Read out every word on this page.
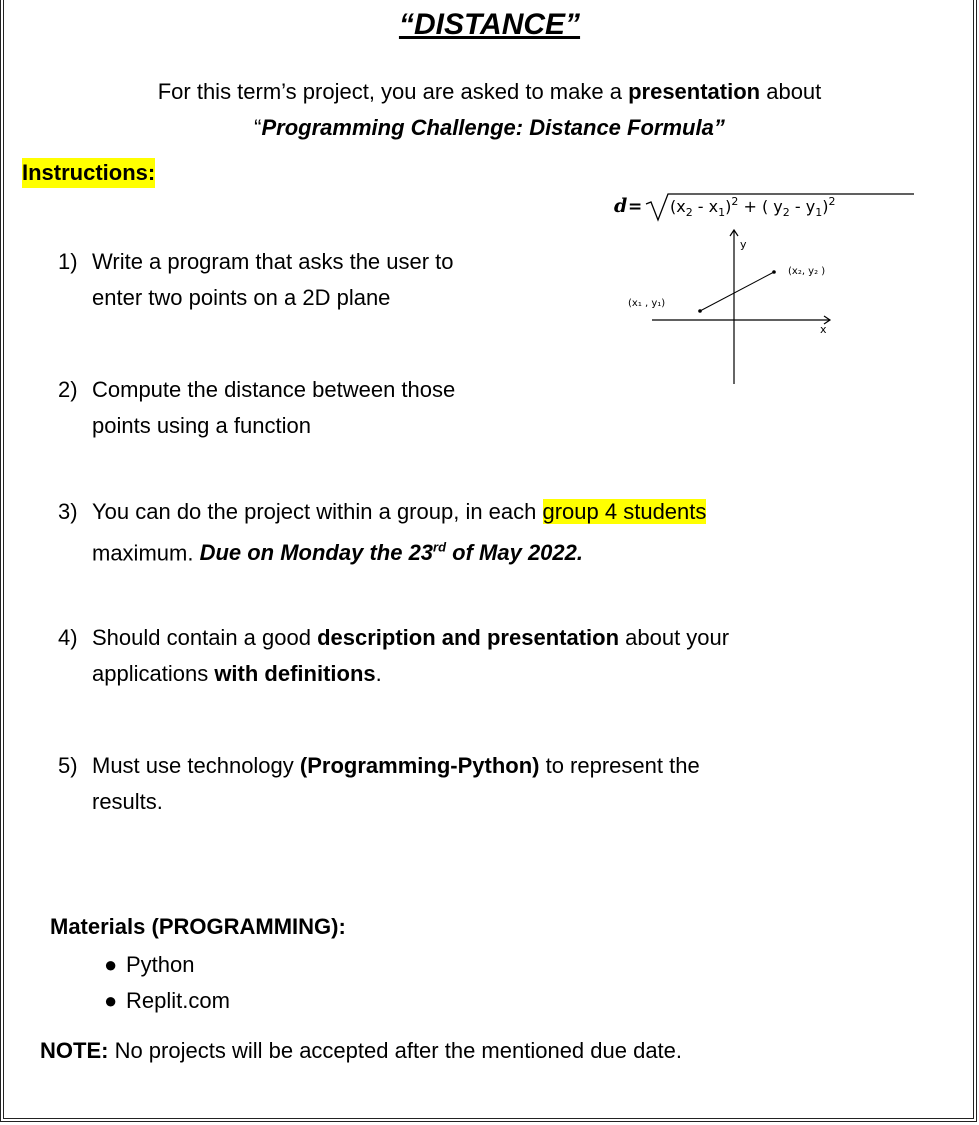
“DISTANCE”
For this term’s project, you are asked to make a presentation about
“Programming Challenge: Distance Formula”
Instructions:
$d = (x_2 - x_1)^2$ + ( $y_2 - y_1)^2$
y
x
(x₁ , y₁)
(x₂, y₂ )
1) Write a program that asks the user to
enter two points on a 2D plane
2) Compute the distance between those
points using a function
3) You can do the project within a group, in each group 4 students
maximum. Due on Monday the 23rd of May 2022.
4) Should contain a good description and presentation about your
applications with definitions.
5) Must use technology (Programming-Python) to represent the
results.
Materials (PROGRAMMING):
● Python
● Replit.com
NOTE: No projects will be accepted after the mentioned due date.
